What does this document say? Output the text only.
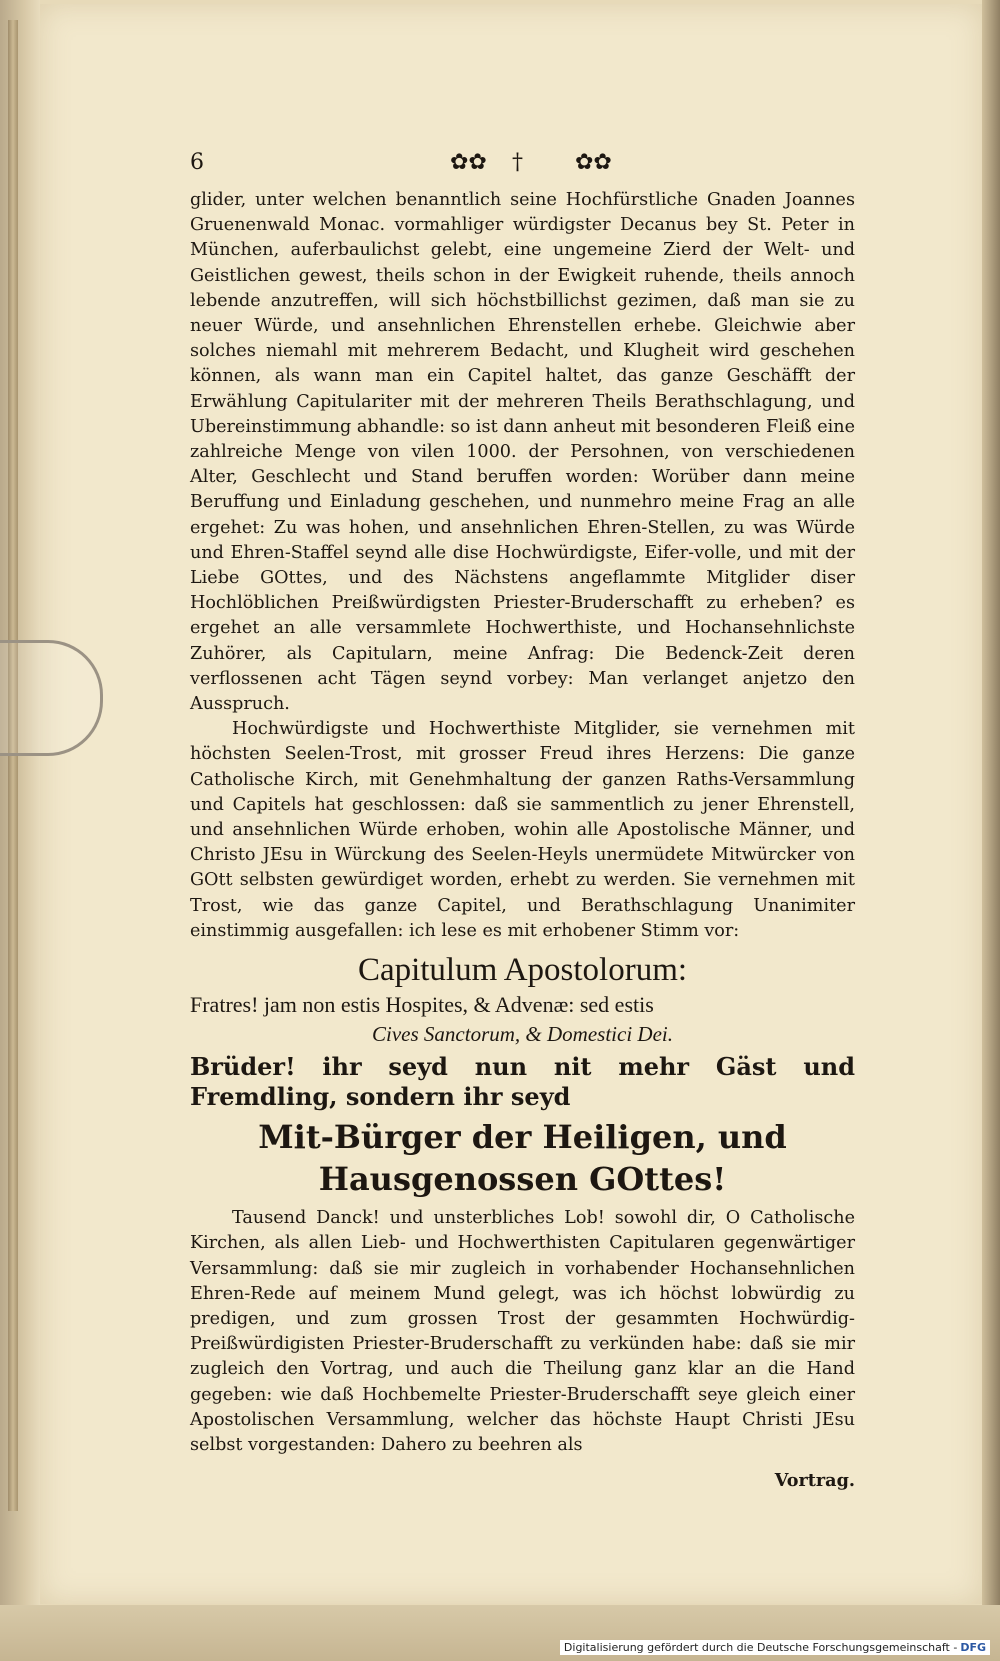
6	✿✿ † ✿✿

glider, unter welchen benanntlich seine Hochfürstliche Gnaden Joannes Gruenenwald Monac. vormahliger würdigster Decanus bey St. Peter in München, auferbaulichst gelebt, eine ungemeine Zierd der Welt- und Geistlichen gewest, theils schon in der Ewigkeit ruhende, theils annoch lebende anzutreffen, will sich höchstbillichst gezimen, daß man sie zu neuer Würde, und ansehnlichen Ehrenstellen erhebe. Gleichwie aber solches niemahl mit mehrerem Bedacht, und Klugheit wird geschehen können, als wann man ein Capitel haltet, das ganze Geschäfft der Erwählung Capitulariter mit der mehreren Theils Berathschlagung, und Ubereinstimmung abhandle: so ist dann anheut mit besonderen Fleiß eine zahlreiche Menge von vilen 1000. der Persohnen, von verschiedenen Alter, Geschlecht und Stand beruffen worden: Worüber dann meine Beruffung und Einladung geschehen, und nunmehro meine Frag an alle ergehet: Zu was hohen, und ansehnlichen Ehren-Stellen, zu was Würde und Ehren-Staffel seynd alle dise Hochwürdigste, Eifer-volle, und mit der Liebe GOttes, und des Nächstens angeflammte Mitglider diser Hochlöblichen Preißwürdigsten Priester-Bruderschafft zu erheben? es ergehet an alle versammlete Hochwerthiste, und Hochansehnlichste Zuhörer, als Capitularn, meine Anfrag: Die Bedenck-Zeit deren verflossenen acht Tägen seynd vorbey: Man verlanget anjetzo den Ausspruch.

Hochwürdigste und Hochwerthiste Mitglider, sie vernehmen mit höchsten Seelen-Trost, mit grosser Freud ihres Herzens: Die ganze Catholische Kirch, mit Genehmhaltung der ganzen Raths-Versammlung und Capitels hat geschlossen: daß sie sammentlich zu jener Ehrenstell, und ansehnlichen Würde erhoben, wohin alle Apostolische Männer, und Christo JEsu in Würckung des Seelen-Heyls unermüdete Mitwürcker von GOtt selbsten gewürdiget worden, erhebt zu werden. Sie vernehmen mit Trost, wie das ganze Capitel, und Berathschlagung Unanimiter einstimmig ausgefallen: ich lese es mit erhobener Stimm vor:

Capitulum Apostolorum:

Fratres! jam non estis Hospites, & Advenæ: sed estis

Cives Sanctorum, & Domestici Dei.

Brüder! ihr seyd nun nit mehr Gäst und Fremdling, sondern ihr seyd

Mit-Bürger der Heiligen, und Hausgenossen GOttes!

Tausend Danck! und unsterbliches Lob! sowohl dir, O Catholische Kirchen, als allen Lieb- und Hochwerthisten Capitularen gegenwärtiger Versammlung: daß sie mir zugleich in vorhabender Hochansehnlichen Ehren-Rede auf meinem Mund gelegt, was ich höchst lobwürdig zu predigen, und zum grossen Trost der gesammten Hochwürdig-Preißwürdigisten Priester-Bruderschafft zu verkünden habe: daß sie mir zugleich den Vortrag, und auch die Theilung ganz klar an die Hand gegeben: wie daß Hochbemelte Priester-Bruderschafft seye gleich einer Apostolischen Versammlung, welcher das höchste Haupt Christi JEsu selbst vorgestanden: Dahero zu beehren als

Vortrag.

Digitalisierung gefördert durch die Deutsche Forschungsgemeinschaft - DFG
